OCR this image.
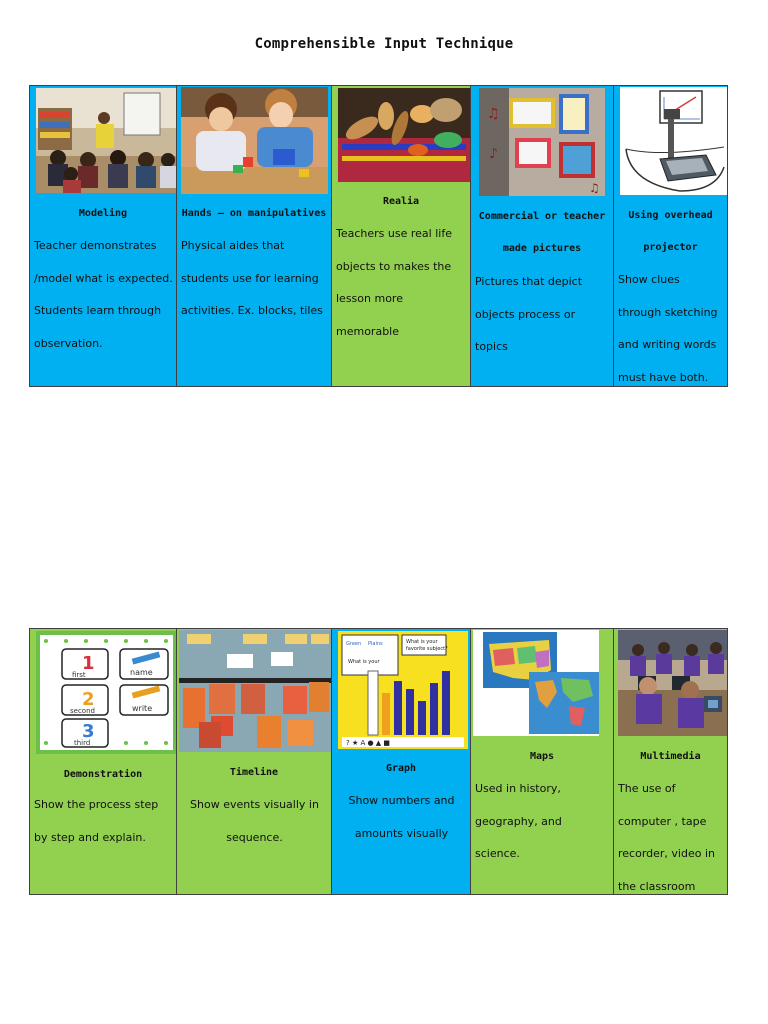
Comprehensible Input Technique
Modeling
Teacher demonstrates /model what is expected. Students learn through observation.
Hands – on manipulatives
Physical aides that students use for learning activities. Ex. blocks, tiles
Realia
Teachers use real life objects to makes the lesson more memorable
♫
♪
♫
Commercial or teacher made pictures
Pictures that depict objects process or topics
Using overhead projector
Show clues through sketching and writing words must have both.
1
2
3
first
second
third
name
write
Demonstration
Show the process step by step and explain.
Timeline
Show events visually in sequence.
Green Plains
What is your
What is your
favorite subject?
? ★ A ● ▲ ■
Graph
Show numbers and amounts visually
Maps
Used in history, geography, and science.
Multimedia
The use of computer , tape recorder, video in the classroom
